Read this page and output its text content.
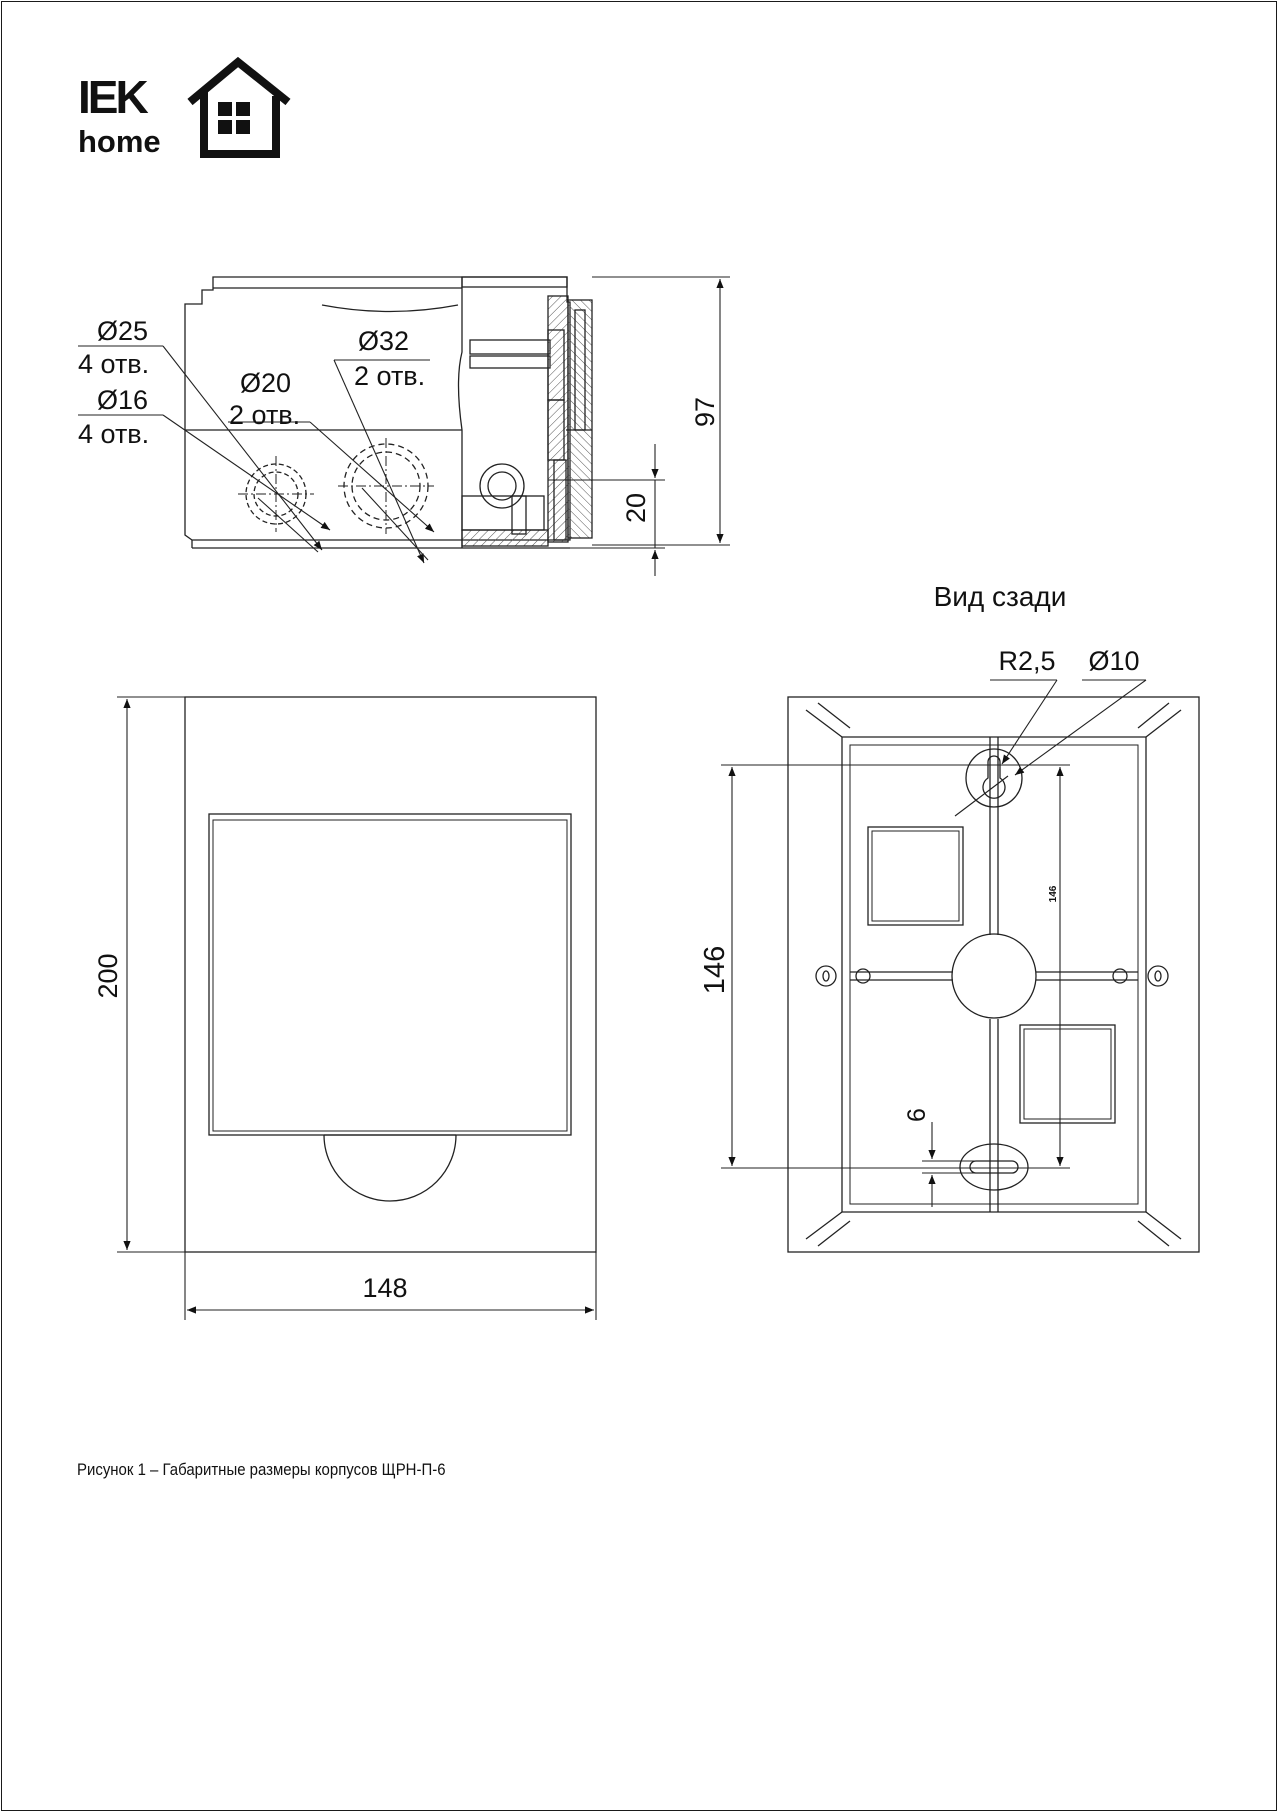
IEK
home
Ø25
4 отв.
Ø16
4 отв.
Ø20
2 отв.
Ø32
2 отв.
97
20
200
148
Вид сзади
R2,5 Ø10
146
146
6
Рисунок 1 – Габаритные размеры корпусов ЩРН-П-6
